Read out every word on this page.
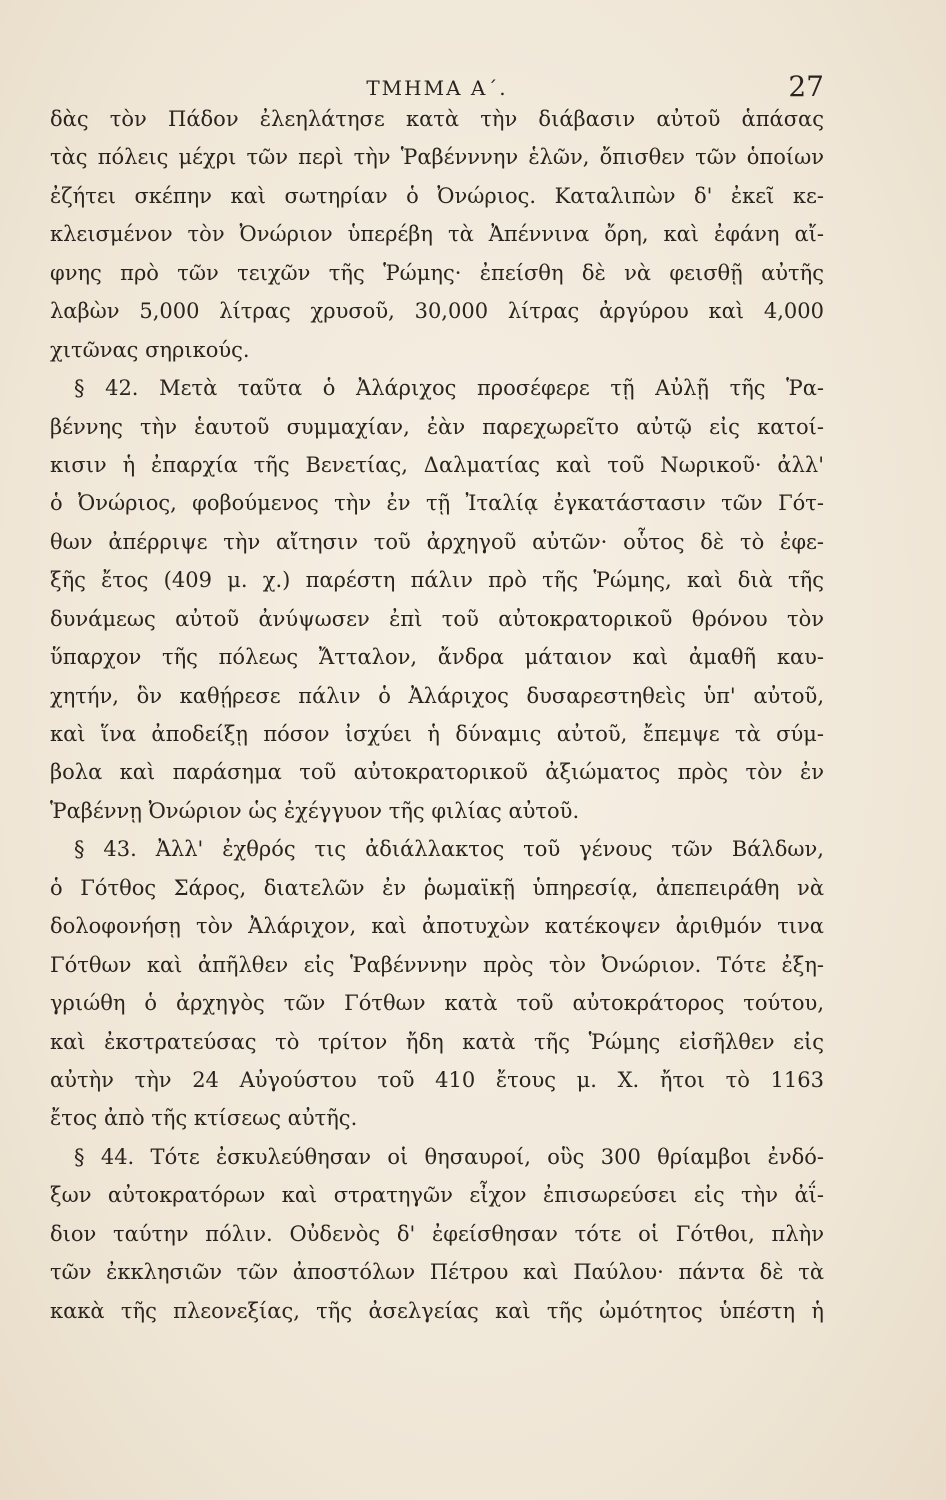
ΤΜΗΜΑ Α΄.	27
δὰς τὸν Πάδον ἐλεηλάτησε κατὰ τὴν διάβασιν αὐτοῦ ἁπάσας
τὰς πόλεις μέχρι τῶν περὶ τὴν Ῥαβένννην ἑλῶν, ὄπισθεν τῶν ὁποίων
ἐζήτει σκέπην καὶ σωτηρίαν ὁ Ὀνώριος. Καταλιπὼν δ' ἐκεῖ κε-
κλεισμένον τὸν Ὀνώριον ὑπερέβη τὰ Ἀπέννινα ὄρη, καὶ ἐφάνη αἴ-
φνης πρὸ τῶν τειχῶν τῆς Ῥώμης· ἐπείσθη δὲ νὰ φεισθῇ αὐτῆς
λαβὼν 5,000 λίτρας χρυσοῦ, 30,000 λίτρας ἀργύρου καὶ 4,000
χιτῶνας σηρικούς.
§ 42. Μετὰ ταῦτα ὁ Ἀλάριχος προσέφερε τῇ Αὐλῇ τῆς Ῥα-
βέννης τὴν ἑαυτοῦ συμμαχίαν, ἐὰν παρεχωρεῖτο αὐτῷ εἰς κατοί-
κισιν ἡ ἐπαρχία τῆς Βενετίας, Δαλματίας καὶ τοῦ Νωρικοῦ· ἀλλ'
ὁ Ὀνώριος, φοβούμενος τὴν ἐν τῇ Ἰταλίᾳ ἐγκατάστασιν τῶν Γότ-
θων ἀπέρριψε τὴν αἴτησιν τοῦ ἀρχηγοῦ αὐτῶν· οὗτος δὲ τὸ ἐφε-
ξῆς ἔτος (409 μ. χ.) παρέστη πάλιν πρὸ τῆς Ῥώμης, καὶ διὰ τῆς
δυνάμεως αὐτοῦ ἀνύψωσεν ἐπὶ τοῦ αὐτοκρατορικοῦ θρόνου τὸν
ὕπαρχον τῆς πόλεως Ἄτταλον, ἄνδρα μάταιον καὶ ἀμαθῆ καυ-
χητήν, ὃν καθῄρεσε πάλιν ὁ Ἀλάριχος δυσαρεστηθεὶς ὑπ' αὐτοῦ,
καὶ ἵνα ἀποδείξῃ πόσον ἰσχύει ἡ δύναμις αὐτοῦ, ἔπεμψε τὰ σύμ-
βολα καὶ παράσημα τοῦ αὐτοκρατορικοῦ ἀξιώματος πρὸς τὸν ἐν
Ῥαβέννῃ Ὀνώριον ὡς ἐχέγγυον τῆς φιλίας αὐτοῦ.
§ 43. Ἀλλ' ἐχθρός τις ἀδιάλλακτος τοῦ γένους τῶν Βάλδων,
ὁ Γότθος Σάρος, διατελῶν ἐν ῥωμαϊκῇ ὑπηρεσίᾳ, ἀπεπειράθη νὰ
δολοφονήσῃ τὸν Ἀλάριχον, καὶ ἀποτυχὼν κατέκοψεν ἀριθμόν τινα
Γότθων καὶ ἀπῆλθεν εἰς Ῥαβένννην πρὸς τὸν Ὀνώριον. Τότε ἐξη-
γριώθη ὁ ἀρχηγὸς τῶν Γότθων κατὰ τοῦ αὐτοκράτορος τούτου,
καὶ ἐκστρατεύσας τὸ τρίτον ἤδη κατὰ τῆς Ῥώμης εἰσῆλθεν εἰς
αὐτὴν τὴν 24 Αὐγούστου τοῦ 410 ἔτους μ. Χ. ἤτοι τὸ 1163
ἔτος ἀπὸ τῆς κτίσεως αὐτῆς.
§ 44. Τότε ἐσκυλεύθησαν οἱ θησαυροί, οὓς 300 θρίαμβοι ἐνδό-
ξων αὐτοκρατόρων καὶ στρατηγῶν εἶχον ἐπισωρεύσει εἰς τὴν ἀΐ-
διον ταύτην πόλιν. Οὐδενὸς δ' ἐφείσθησαν τότε οἱ Γότθοι, πλὴν
τῶν ἐκκλησιῶν τῶν ἀποστόλων Πέτρου καὶ Παύλου· πάντα δὲ τὰ
κακὰ τῆς πλεονεξίας, τῆς ἀσελγείας καὶ τῆς ὠμότητος ὑπέστη ἡ
